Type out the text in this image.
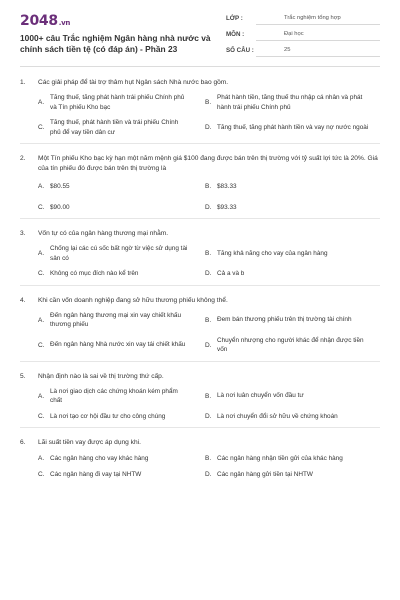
2048.vn
1000+ câu Trắc nghiệm Ngân hàng nhà nước và chính sách tiền tệ (có đáp án) - Phần 23
LỚP :	Trắc nghiệm tổng hợp
MÔN :	Đại học
SỐ CÂU :	25
1.	Các giải pháp để tài trợ thâm hụt Ngân sách Nhà nước bao gồm.
A.
Tăng thuế, tăng phát hành trái phiếu Chính phủ và Tín phiếu Kho bạc
B.
Phát hành tiền, tăng thuế thu nhập cá nhân và phát hành trái phiếu Chính phủ
C.
Tăng thuế, phát hành tiền và trái phiếu Chính phủ để vay tiền dân cư
D. Tăng thuế, tăng phát hành tiền và vay nợ nước ngoài
2.	Một Tín phiếu Kho bạc kỳ hạn một năm mệnh giá $100 đang được bán trên thị trường với tỷ suất lợi tức là 20%. Giá của tín phiếu đó được bán trên thị trường là
A. $80.55	B. $83.33
C. $90.00	D. $93.33
3.	Vốn tự có của ngân hàng thương mại nhằm.
A.
Chống lại các cú sốc bất ngờ từ việc sử dụng tài sản có
B. Tăng khả năng cho vay của ngân hàng
C. Không có mục đích nào kể trên	D. Cả a và b
4.	Khi cần vốn doanh nghiệp đang sở hữu thương phiếu không thể.
A.
Đến ngân hàng thương mại xin vay chiết khấu thương phiếu
B. Đem bán thương phiếu trên thị trường tài chính
C. Đến ngân hàng Nhà nước xin vay tái chiết khấu	D.
Chuyển nhượng cho người khác để nhận được tiền vốn
5.	Nhận định nào là sai về thị trường thứ cấp.
A.
Là nơi giao dịch các chứng khoán kém phẩm chất
B. Là nơi luân chuyển vốn đầu tư
C. Là nơi tạo cơ hội đầu tư cho công chúng	D. Là nơi chuyển đổi sở hữu về chứng khoán
6.	Lãi suất tiền vay được áp dụng khi.
A. Các ngân hàng cho vay khác hàng	B. Các ngân hàng nhận tiền gửi của khác hàng
C. Các ngân hàng đi vay tại NHTW	D. Các ngân hàng gửi tiền tại NHTW
